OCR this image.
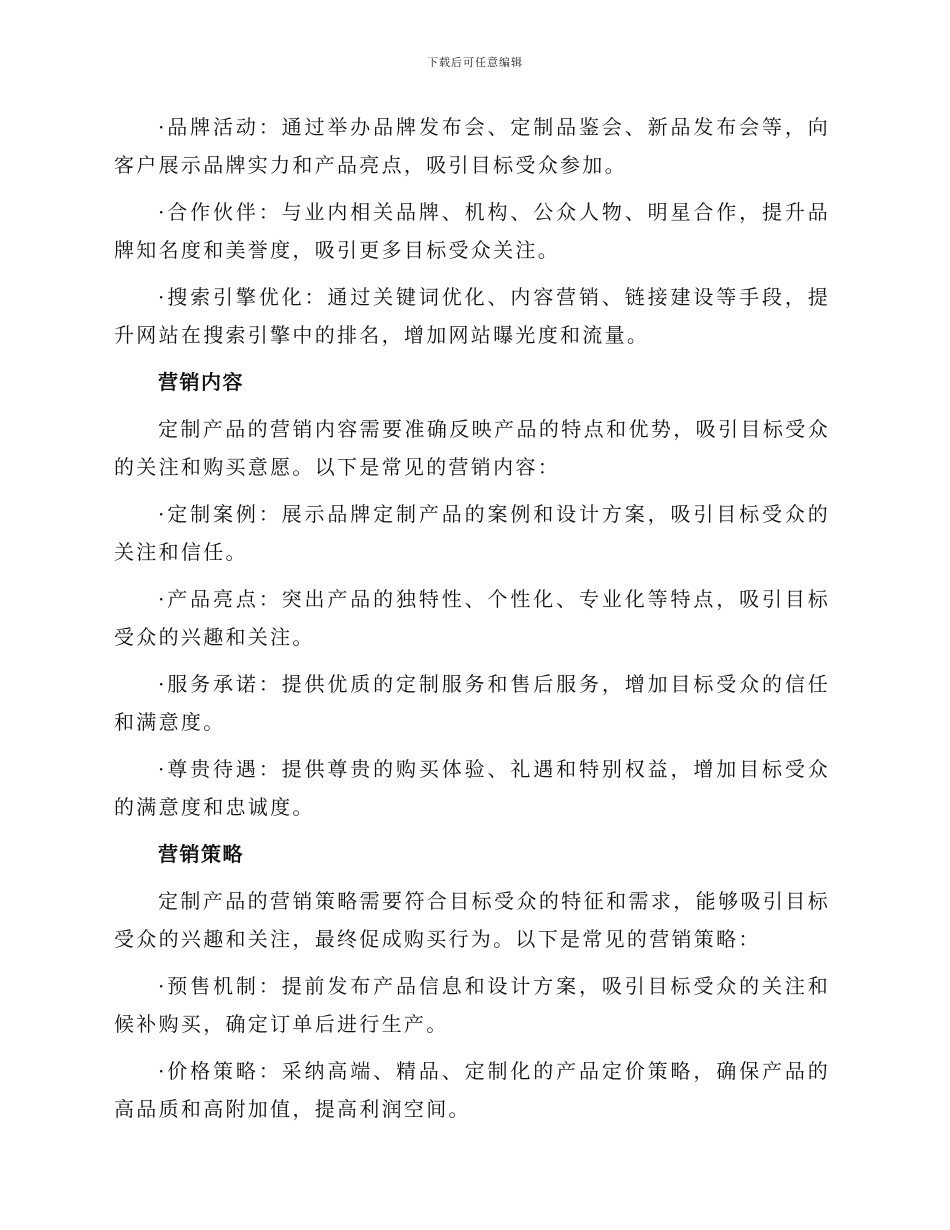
下载后可任意编辑

·品牌活动：通过举办品牌发布会、定制品鉴会、新品发布会等，向客户展示品牌实力和产品亮点，吸引目标受众参加。

·合作伙伴：与业内相关品牌、机构、公众人物、明星合作，提升品牌知名度和美誉度，吸引更多目标受众关注。

·搜索引擎优化：通过关键词优化、内容营销、链接建设等手段，提升网站在搜索引擎中的排名，增加网站曝光度和流量。

营销内容

定制产品的营销内容需要准确反映产品的特点和优势，吸引目标受众的关注和购买意愿。以下是常见的营销内容：

·定制案例：展示品牌定制产品的案例和设计方案，吸引目标受众的关注和信任。

·产品亮点：突出产品的独特性、个性化、专业化等特点，吸引目标受众的兴趣和关注。

·服务承诺：提供优质的定制服务和售后服务，增加目标受众的信任和满意度。

·尊贵待遇：提供尊贵的购买体验、礼遇和特别权益，增加目标受众的满意度和忠诚度。

营销策略

定制产品的营销策略需要符合目标受众的特征和需求，能够吸引目标受众的兴趣和关注，最终促成购买行为。以下是常见的营销策略：

·预售机制：提前发布产品信息和设计方案，吸引目标受众的关注和候补购买，确定订单后进行生产。

·价格策略：采纳高端、精品、定制化的产品定价策略，确保产品的高品质和高附加值，提高利润空间。
